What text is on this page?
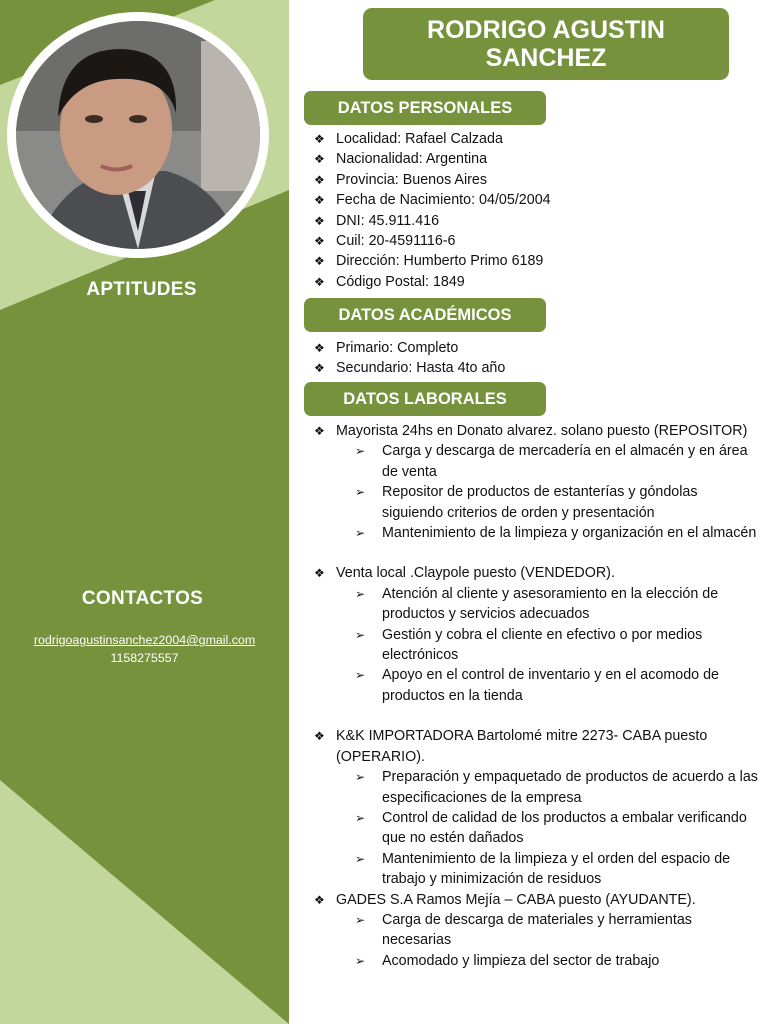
APTITUDES
CONTACTOS
rodrigoagustinsanchez2004@gmail.com
1158275557
RODRIGO AGUSTIN
SANCHEZ
DATOS PERSONALES
❖ Localidad: Rafael Calzada
❖ Nacionalidad: Argentina
❖ Provincia: Buenos Aires
❖ Fecha de Nacimiento: 04/05/2004
❖ DNI: 45.911.416
❖ Cuil: 20-4591116-6
❖ Dirección: Humberto Primo 6189
❖ Código Postal: 1849
DATOS ACADÉMICOS
❖ Primario: Completo
❖ Secundario: Hasta 4to año
DATOS LABORALES
❖ Mayorista 24hs en Donato alvarez. solano puesto (REPOSITOR)
➢ Carga y descarga de mercadería en el almacén y en área de venta
➢ Repositor de productos de estanterías y góndolas siguiendo criterios de orden y presentación
➢ Mantenimiento de la limpieza y organización en el almacén
❖ Venta local .Claypole puesto (VENDEDOR).
➢ Atención al cliente y asesoramiento en la elección de productos y servicios adecuados
➢ Gestión y cobra el cliente en efectivo o por medios electrónicos
➢ Apoyo en el control de inventario y en el acomodo de productos en la tienda
❖ K&K IMPORTADORA Bartolomé mitre 2273- CABA puesto (OPERARIO).
➢ Preparación y empaquetado de productos de acuerdo a las especificaciones de la empresa
➢ Control de calidad de los productos a embalar verificando que no estén dañados
➢ Mantenimiento de la limpieza y el orden del espacio de trabajo y minimización de residuos
❖ GADES S.A Ramos Mejía – CABA puesto (AYUDANTE).
➢ Carga de descarga de materiales y herramientas necesarias
➢ Acomodado y limpieza del sector de trabajo
